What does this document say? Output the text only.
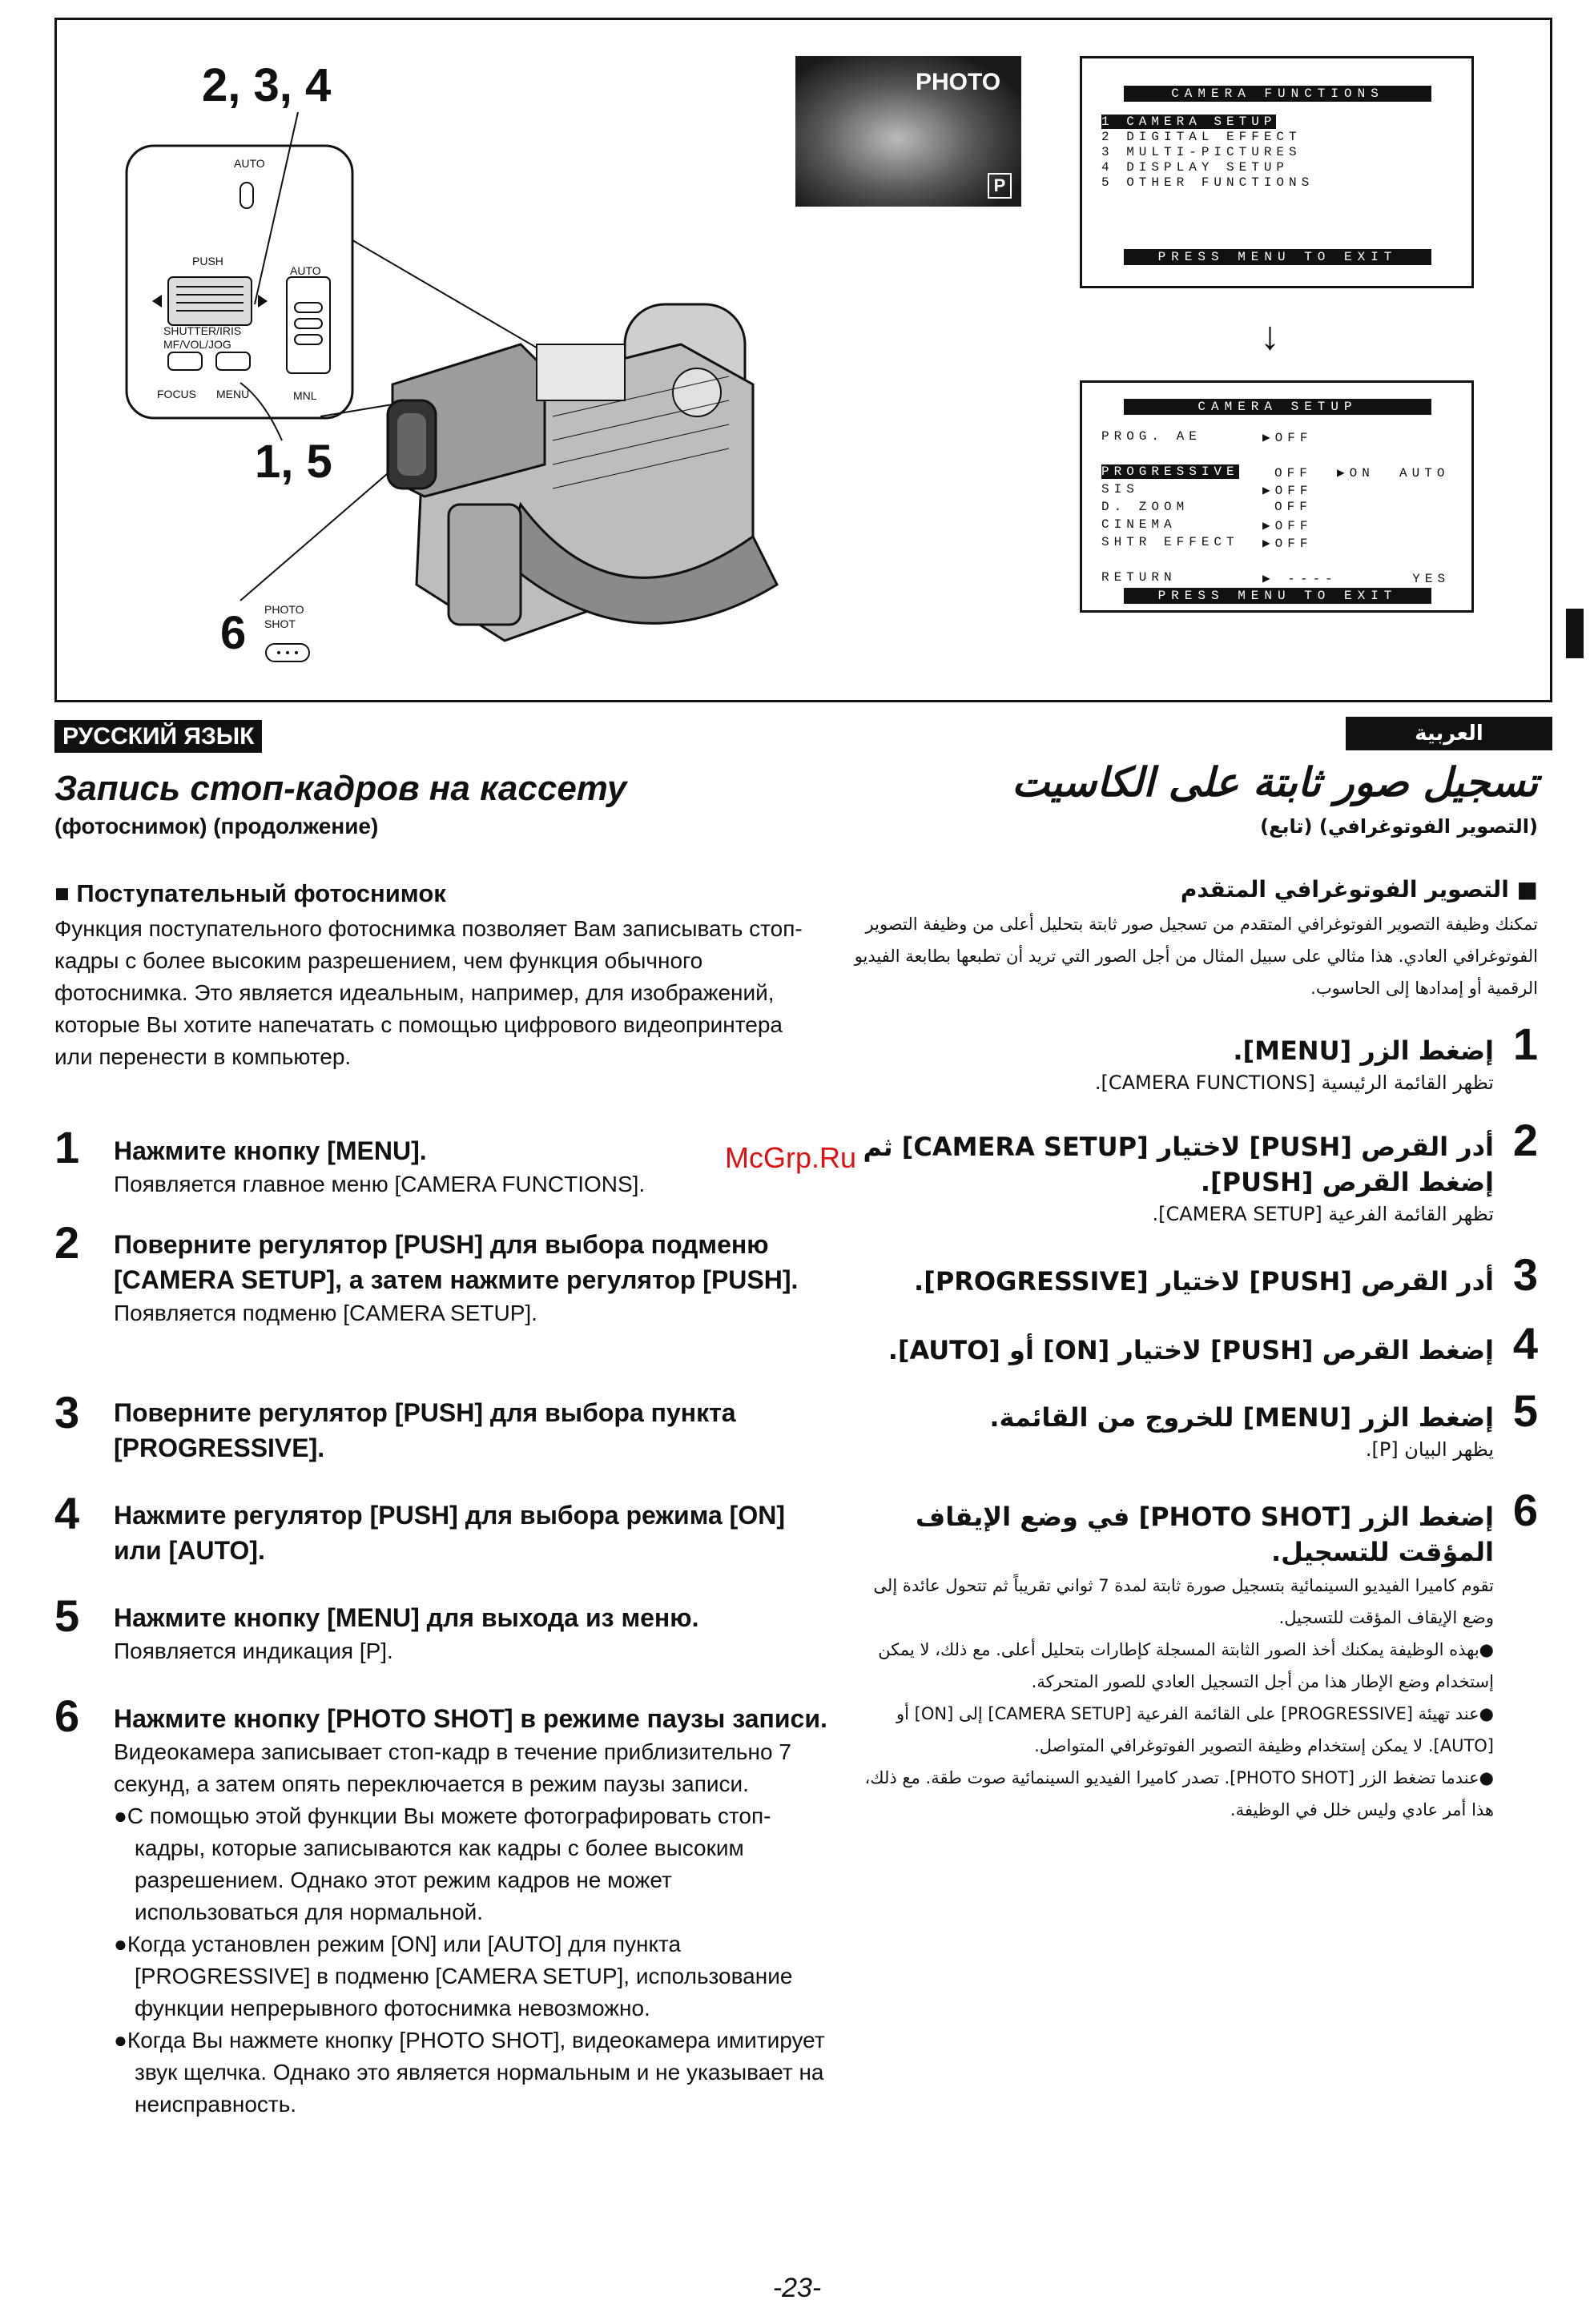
2, 3, 4
1, 5
6
AUTO
PUSH
AUTO
SHUTTER/IRIS
MF/VOL/JOG
FOCUS MENU	MNL
PHOTO SHOT
PHOTO
P
CAMERA FUNCTIONS
1 CAMERA SETUP
2 DIGITAL EFFECT
3 MULTI-PICTURES
4 DISPLAY SETUP
5 OTHER FUNCTIONS
PRESS MENU TO EXIT
↓
CAMERA SETUP
PROG. AE	▶OFF
PROGRESSIVE	OFF  ▶ON  AUTO
SIS	▶OFF
D. ZOOM	OFF
CINEMA	▶OFF
SHTR EFFECT ▶OFF
RETURN	▶ ----      YES
PRESS MENU TO EXIT
РУССКИЙ ЯЗЫК
Запись стоп-кадров на кассету
(фотоснимок) (продолжение)
■ Поступательный фотоснимок
Функция поступательного фотоснимка позволяет Вам записывать стоп-кадры с более высоким разрешением, чем функция обычного фотоснимка. Это является идеальным, например, для изображений, которые Вы хотите напечатать с помощью цифрового видеопринтера или перенести в компьютер.
1 Нажмите кнопку [MENU].
Появляется главное меню [CAMERA FUNCTIONS].
2 Поверните регулятор [PUSH] для выбора подменю [CAMERA SETUP], а затем нажмите регулятор [PUSH].
Появляется подменю [CAMERA SETUP].
3 Поверните регулятор [PUSH] для выбора пункта [PROGRESSIVE].
4 Нажмите регулятор [PUSH] для выбора режима [ON] или [AUTO].
5 Нажмите кнопку [MENU] для выхода из меню.
Появляется индикация [P].
6 Нажмите кнопку [PHOTO SHOT] в режиме паузы записи.
Видеокамера записывает стоп-кадр в течение приблизительно 7 секунд, а затем опять переключается в режим паузы записи.
●С помощью этой функции Вы можете фотографировать стоп-кадры, которые записываются как кадры с более высоким разрешением. Однако этот режим кадров не может использоваться для нормальной.
●Когда установлен режим [ON] или [AUTO] для пункта [PROGRESSIVE] в подменю [CAMERA SETUP], использование функции непрерывного фотоснимка невозможно.
●Когда Вы нажмете кнопку [PHOTO SHOT], видеокамера имитирует звук щелчка. Однако это является нормальным и не указывает на неисправность.
McGrp.Ru
العربية
تسجيل صور ثابتة على الكاسيت
(التصوير الفوتوغرافي) (تابع)
■ التصوير الفوتوغرافي المتقدم
تمكنك وظيفة التصوير الفوتوغرافي المتقدم من تسجيل صور ثابتة بتحليل أعلى من وظيفة التصوير الفوتوغرافي العادي. هذا مثالي على سبيل المثال من أجل الصور التي تريد أن تطبعها بطابعة الفيديو الرقمية أو إمدادها إلى الحاسوب.
1
إضغط الزر [MENU].
تظهر القائمة الرئيسية [CAMERA FUNCTIONS].
2
أدر القرص [PUSH] لاختيار [CAMERA SETUP] ثم إضغط القرص [PUSH].
تظهر القائمة الفرعية [CAMERA SETUP].
3
أدر القرص [PUSH] لاختيار [PROGRESSIVE].
4
إضغط القرص [PUSH] لاختيار [ON] أو [AUTO].
5
إضغط الزر [MENU] للخروج من القائمة.
يظهر البيان [P].
6
إضغط الزر [PHOTO SHOT] في وضع الإيقاف المؤقت للتسجيل.
تقوم كاميرا الفيديو السينمائية بتسجيل صورة ثابتة لمدة 7 ثواني تقريباً ثم تتحول عائدة إلى وضع الإيقاف المؤقت للتسجيل.
●بهذه الوظيفة يمكنك أخذ الصور الثابتة المسجلة كإطارات بتحليل أعلى. مع ذلك، لا يمكن إستخدام وضع الإطار هذا من أجل التسجيل العادي للصور المتحركة.
●عند تهيئة [PROGRESSIVE] على القائمة الفرعية [CAMERA SETUP] إلى [ON] أو [AUTO]. لا يمكن إستخدام وظيفة التصوير الفوتوغرافي المتواصل.
●عندما تضغط الزر [PHOTO SHOT]. تصدر كاميرا الفيديو السينمائية صوت طقة. مع ذلك، هذا أمر عادي وليس خلل في الوظيفة.
-23-
